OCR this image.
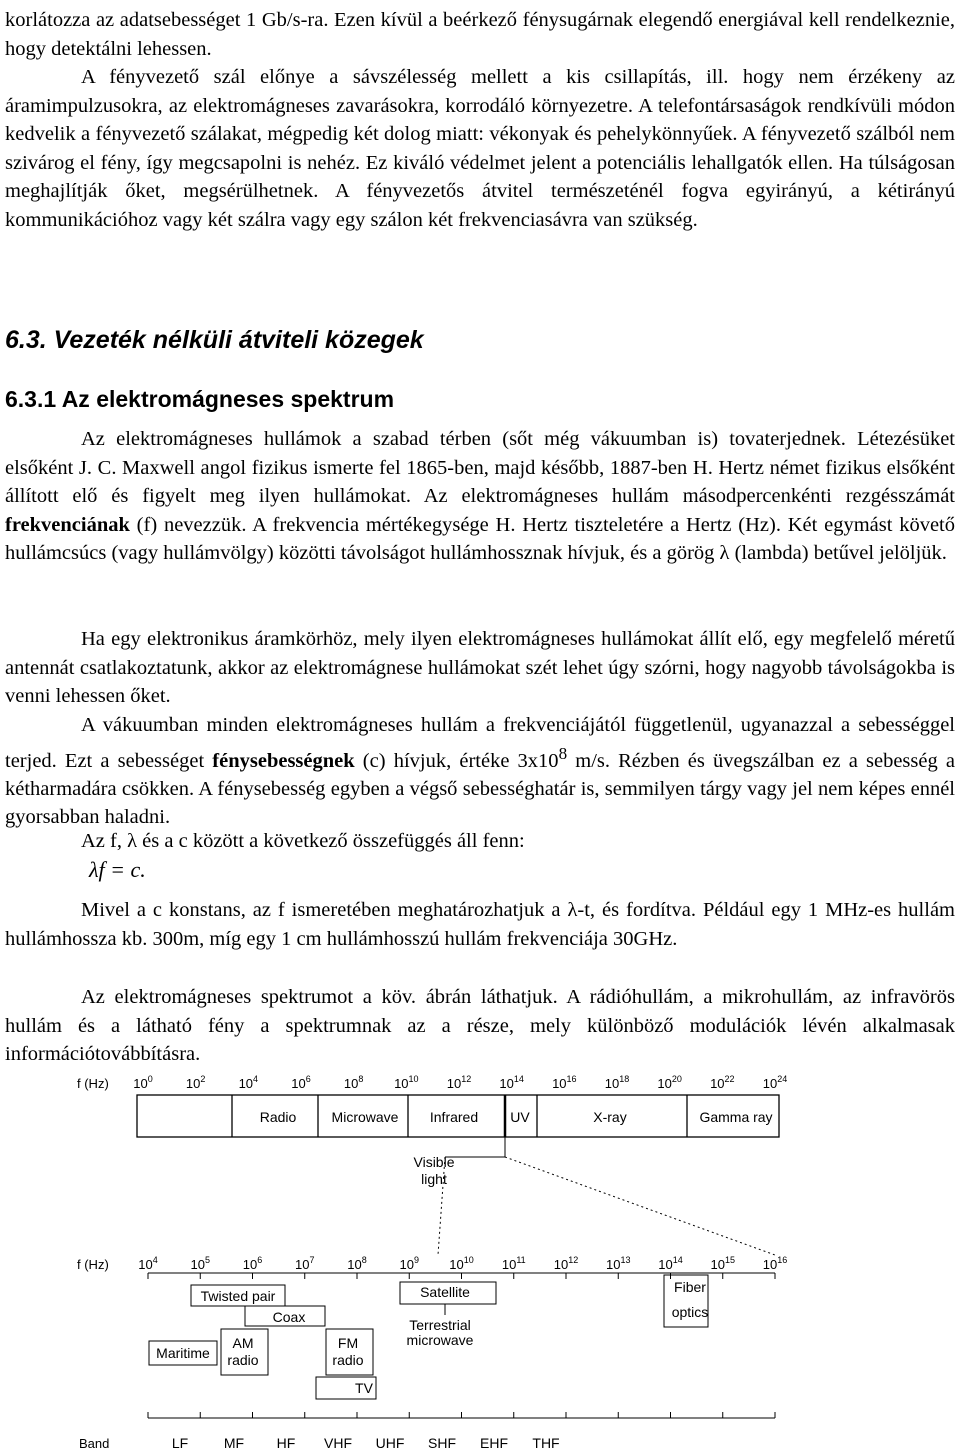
korlátozza az adatsebességet 1 Gb/s-ra. Ezen kívül a beérkező fénysugárnak elegendő energiával kell rendelkeznie, hogy detektálni lehessen.

A fényvezető szál előnye a sávszélesség mellett a kis csillapítás, ill. hogy nem érzékeny az áramimpulzusokra, az elektromágneses zavarásokra, korrodáló környezetre. A telefontársaságok rendkívüli módon kedvelik a fényvezető szálakat, mégpedig két dolog miatt: vékonyak és pehelykönnyűek. A fényvezető szálból nem szivárog el fény, így megcsapolni is nehéz. Ez kiváló védelmet jelent a potenciális lehallgatók ellen. Ha túlságosan meghajlítják őket, megsérülhetnek. A fényvezetős átvitel természeténél fogva egyirányú, a kétirányú kommunikációhoz vagy két szálra vagy egy szálon két frekvenciasávra van szükség.

6.3. Vezeték nélküli átviteli közegek
6.3.1 Az elektromágneses spektrum

Az elektromágneses hullámok a szabad térben (sőt még vákuumban is) tovaterjednek. Létezésüket elsőként J. C. Maxwell angol fizikus ismerte fel 1865-ben, majd később, 1887-ben H. Hertz német fizikus elsőként állított elő és figyelt meg ilyen hullámokat. Az elektromágneses hullám másodpercenkénti rezgésszámát frekvenciának (f) nevezzük. A frekvencia mértékegysége H. Hertz tiszteletére a Hertz (Hz). Két egymást követő hullámcsúcs (vagy hullámvölgy) közötti távolságot hullámhossznak hívjuk, és a görög λ (lambda) betűvel jelöljük.

Ha egy elektronikus áramkörhöz, mely ilyen elektromágneses hullámokat állít elő, egy megfelelő méretű antennát csatlakoztatunk, akkor az elektromágnese hullámokat szét lehet úgy szórni, hogy nagyobb távolságokba is venni lehessen őket.

A vákuumban minden elektromágneses hullám a frekvenciájától függetlenül, ugyanazzal a sebességgel terjed. Ezt a sebességet fénysebességnek (c) hívjuk, értéke $3x10^8$ m/s. Rézben és üvegszálban ez a sebesség a kétharmadára csökken. A fénysebesség egyben a végső sebességhatár is, semmilyen tárgy vagy jel nem képes ennél gyorsabban haladni.

Az f, λ és a c között a következő összefüggés áll fenn:

λf = c.

Mivel a c konstans, az f ismeretében meghatározhatjuk a λ-t, és fordítva. Például egy 1 MHz-es hullám hullámhossza kb. 300m, míg egy 1 cm hullámhosszú hullám frekvenciája 30GHz.

Az elektromágneses spektrumot a köv. ábrán láthatjuk. A rádióhullám, a mikrohullám, az infravörös hullám és a látható fény a spektrumnak az a része, mely különböző modulációk lévén alkalmasak információtovábbításra.

f (Hz) $10^0$	$10^2$	$10^4$	$10^6$	$10^8$ $10^{10}$ $10^{12}$ $10^{14}$ $10^{16}$ $10^{18}$ $10^{20}$ $10^{22}$ $10^{24}$
Radio	Microwave Infrared UV	X-ray	Gamma ray
Visible
light
f (Hz) $10^4$	$10^5$	$10^6$	$10^7$	$10^8$	$10^9$ $10^{10}$ $10^{11}$ $10^{12}$ $10^{13}$ $10^{14}$ $10^{15}$ $10^{16}$
Twisted pair
Coax
Satellite
Terrestrial
microwave
Fiber
optics
AM
radio
FM
radio
Maritime
TV
Band	LF	MF HF VHF UHF SHF EHF THF
